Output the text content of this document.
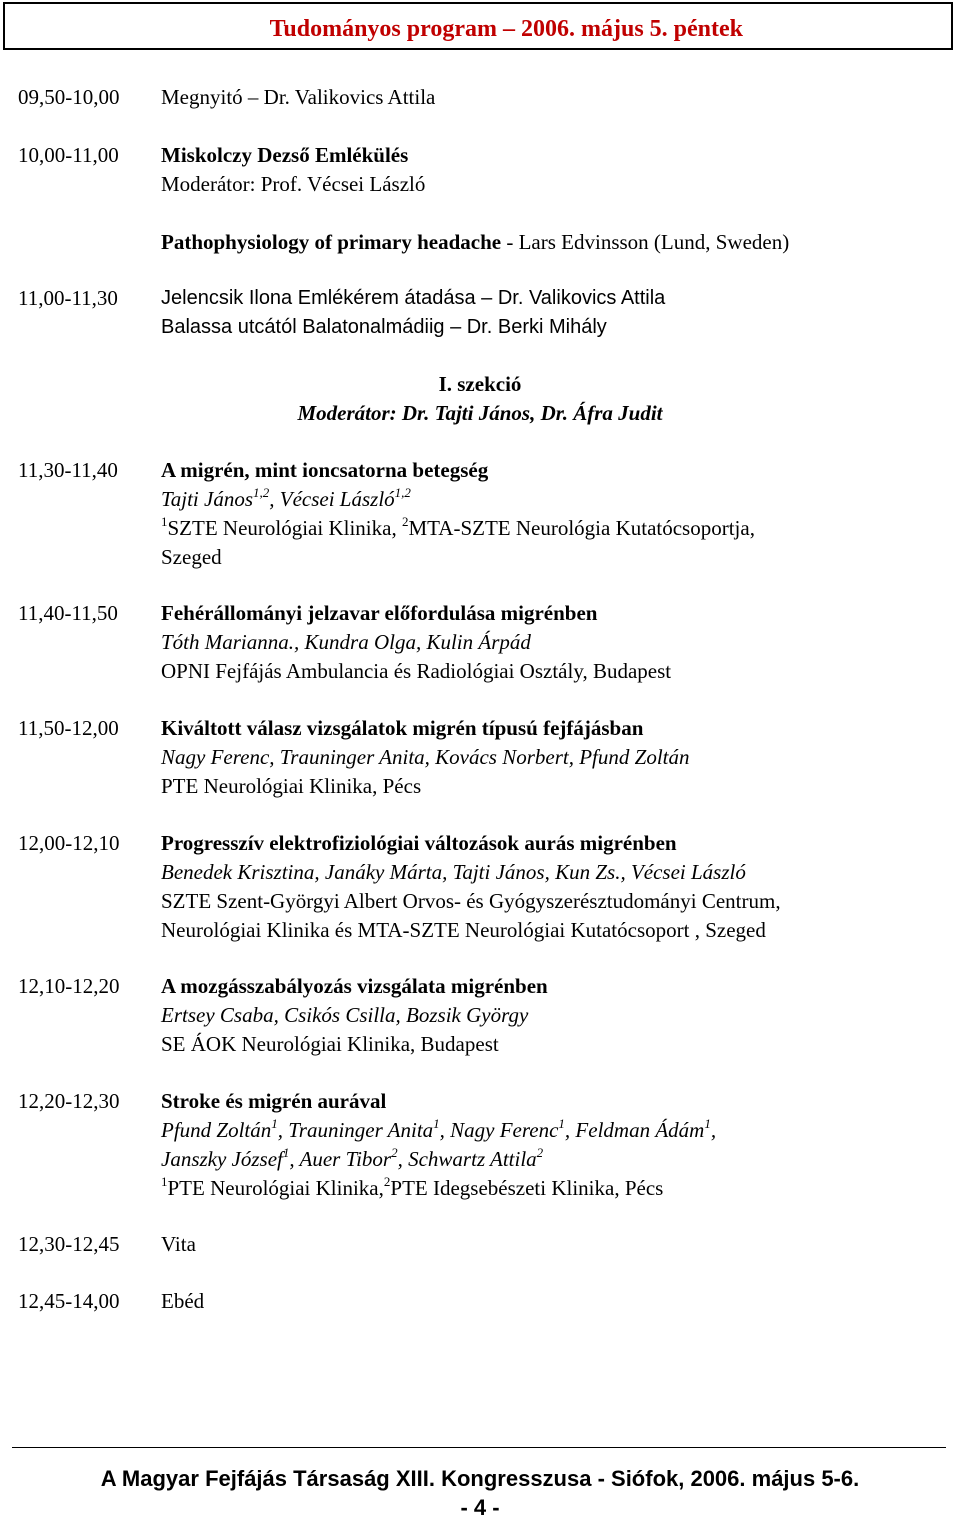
Tudományos program – 2006. május 5. péntek
09,50-10,00 Megnyitó – Dr. Valikovics Attila
10,00-11,00 Miskolczy Dezső Emlékülés
Moderátor: Prof. Vécsei László
Pathophysiology of primary headache - Lars Edvinsson (Lund, Sweden)
11,00-11,30 Jelencsik Ilona Emlékérem átadása – Dr. Valikovics Attila
Balassa utcától Balatonalmádiig – Dr. Berki Mihály
I. szekció
Moderátor: Dr. Tajti János, Dr. Áfra Judit
11,30-11,40 A migrén, mint ioncsatorna betegség
Tajti János$^{1,2}$, Vécsei László$^{1,2}$
$^1$SZTE Neurológiai Klinika, $^2$MTA-SZTE Neurológia Kutatócsoportja,
Szeged
11,40-11,50 Fehérállományi jelzavar előfordulása migrénben
Tóth Marianna., Kundra Olga, Kulin Árpád
OPNI Fejfájás Ambulancia és Radiológiai Osztály, Budapest
11,50-12,00 Kiváltott válasz vizsgálatok migrén típusú fejfájásban
Nagy Ferenc, Trauninger Anita, Kovács Norbert, Pfund Zoltán
PTE Neurológiai Klinika, Pécs
12,00-12,10 Progresszív elektrofiziológiai változások aurás migrénben
Benedek Krisztina, Janáky Márta, Tajti János, Kun Zs., Vécsei László
SZTE Szent-Györgyi Albert Orvos- és Gyógyszerésztudományi Centrum,
Neurológiai Klinika és MTA-SZTE Neurológiai Kutatócsoport , Szeged
12,10-12,20 A mozgásszabályozás vizsgálata migrénben
Ertsey Csaba, Csikós Csilla, Bozsik György
SE ÁOK Neurológiai Klinika, Budapest
12,20-12,30 Stroke és migrén aurával
Pfund Zoltán$^1$, Trauninger Anita$^1$, Nagy Ferenc$^1$, Feldman Ádám$^1$,
Janszky József$^1$, Auer Tibor$^2$, Schwartz Attila$^2$
$^1$PTE Neurológiai Klinika,$^2$PTE Idegsebészeti Klinika, Pécs
12,30-12,45 Vita
12,45-14,00 Ebéd
A Magyar Fejfájás Társaság XIII. Kongresszusa - Siófok, 2006. május 5-6.
- 4 -
